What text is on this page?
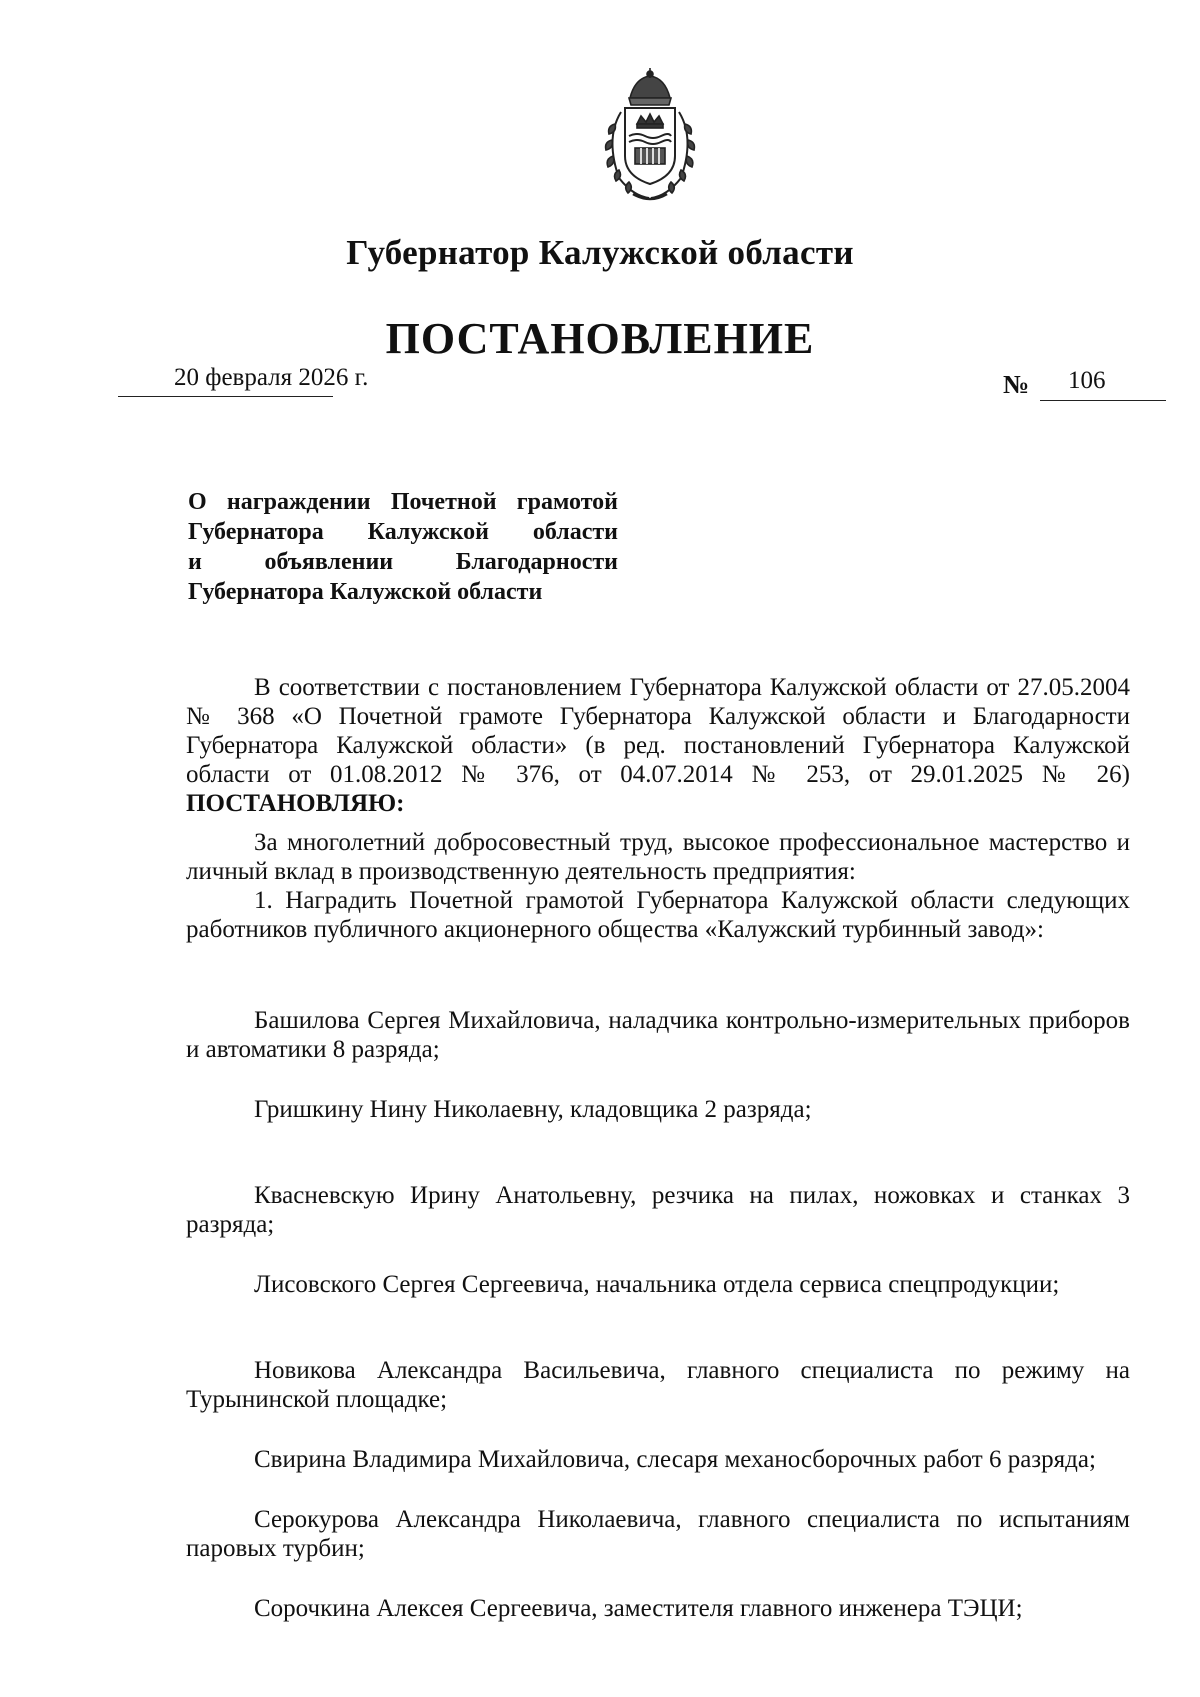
Губернатор Калужской области
ПОСТАНОВЛЕНИЕ
20 февраля 2026 г.	№ 106
О награждении Почетной грамотой
Губернатора Калужской области
и объявлении Благодарности
Губернатора Калужской области

В соответствии с постановлением Губернатора Калужской области от 27.05.2004 № 368 «О Почетной грамоте Губернатора Калужской области и Благодарности Губернатора Калужской области» (в ред. постановлений Губернатора Калужской области от 01.08.2012 № 376, от 04.07.2014 № 253, от 29.01.2025 № 26) ПОСТАНОВЛЯЮ:

За многолетний добросовестный труд, высокое профессиональное мастерство и личный вклад в производственную деятельность предприятия:

1. Наградить Почетной грамотой Губернатора Калужской области следующих работников публичного акционерного общества «Калужский турбинный завод»:

Башилова Сергея Михайловича, наладчика контрольно-измерительных приборов и автоматики 8 разряда;

Гришкину Нину Николаевну, кладовщика 2 разряда;

Квасневскую Ирину Анатольевну, резчика на пилах, ножовках и станках 3 разряда;

Лисовского Сергея Сергеевича, начальника отдела сервиса спецпродукции;

Новикова Александра Васильевича, главного специалиста по режиму на Турынинской площадке;

Свирина Владимира Михайловича, слесаря механосборочных работ 6 разряда;

Серокурова Александра Николаевича, главного специалиста по испытаниям паровых турбин;

Сорочкина Алексея Сергеевича, заместителя главного инженера ТЭЦИ;
